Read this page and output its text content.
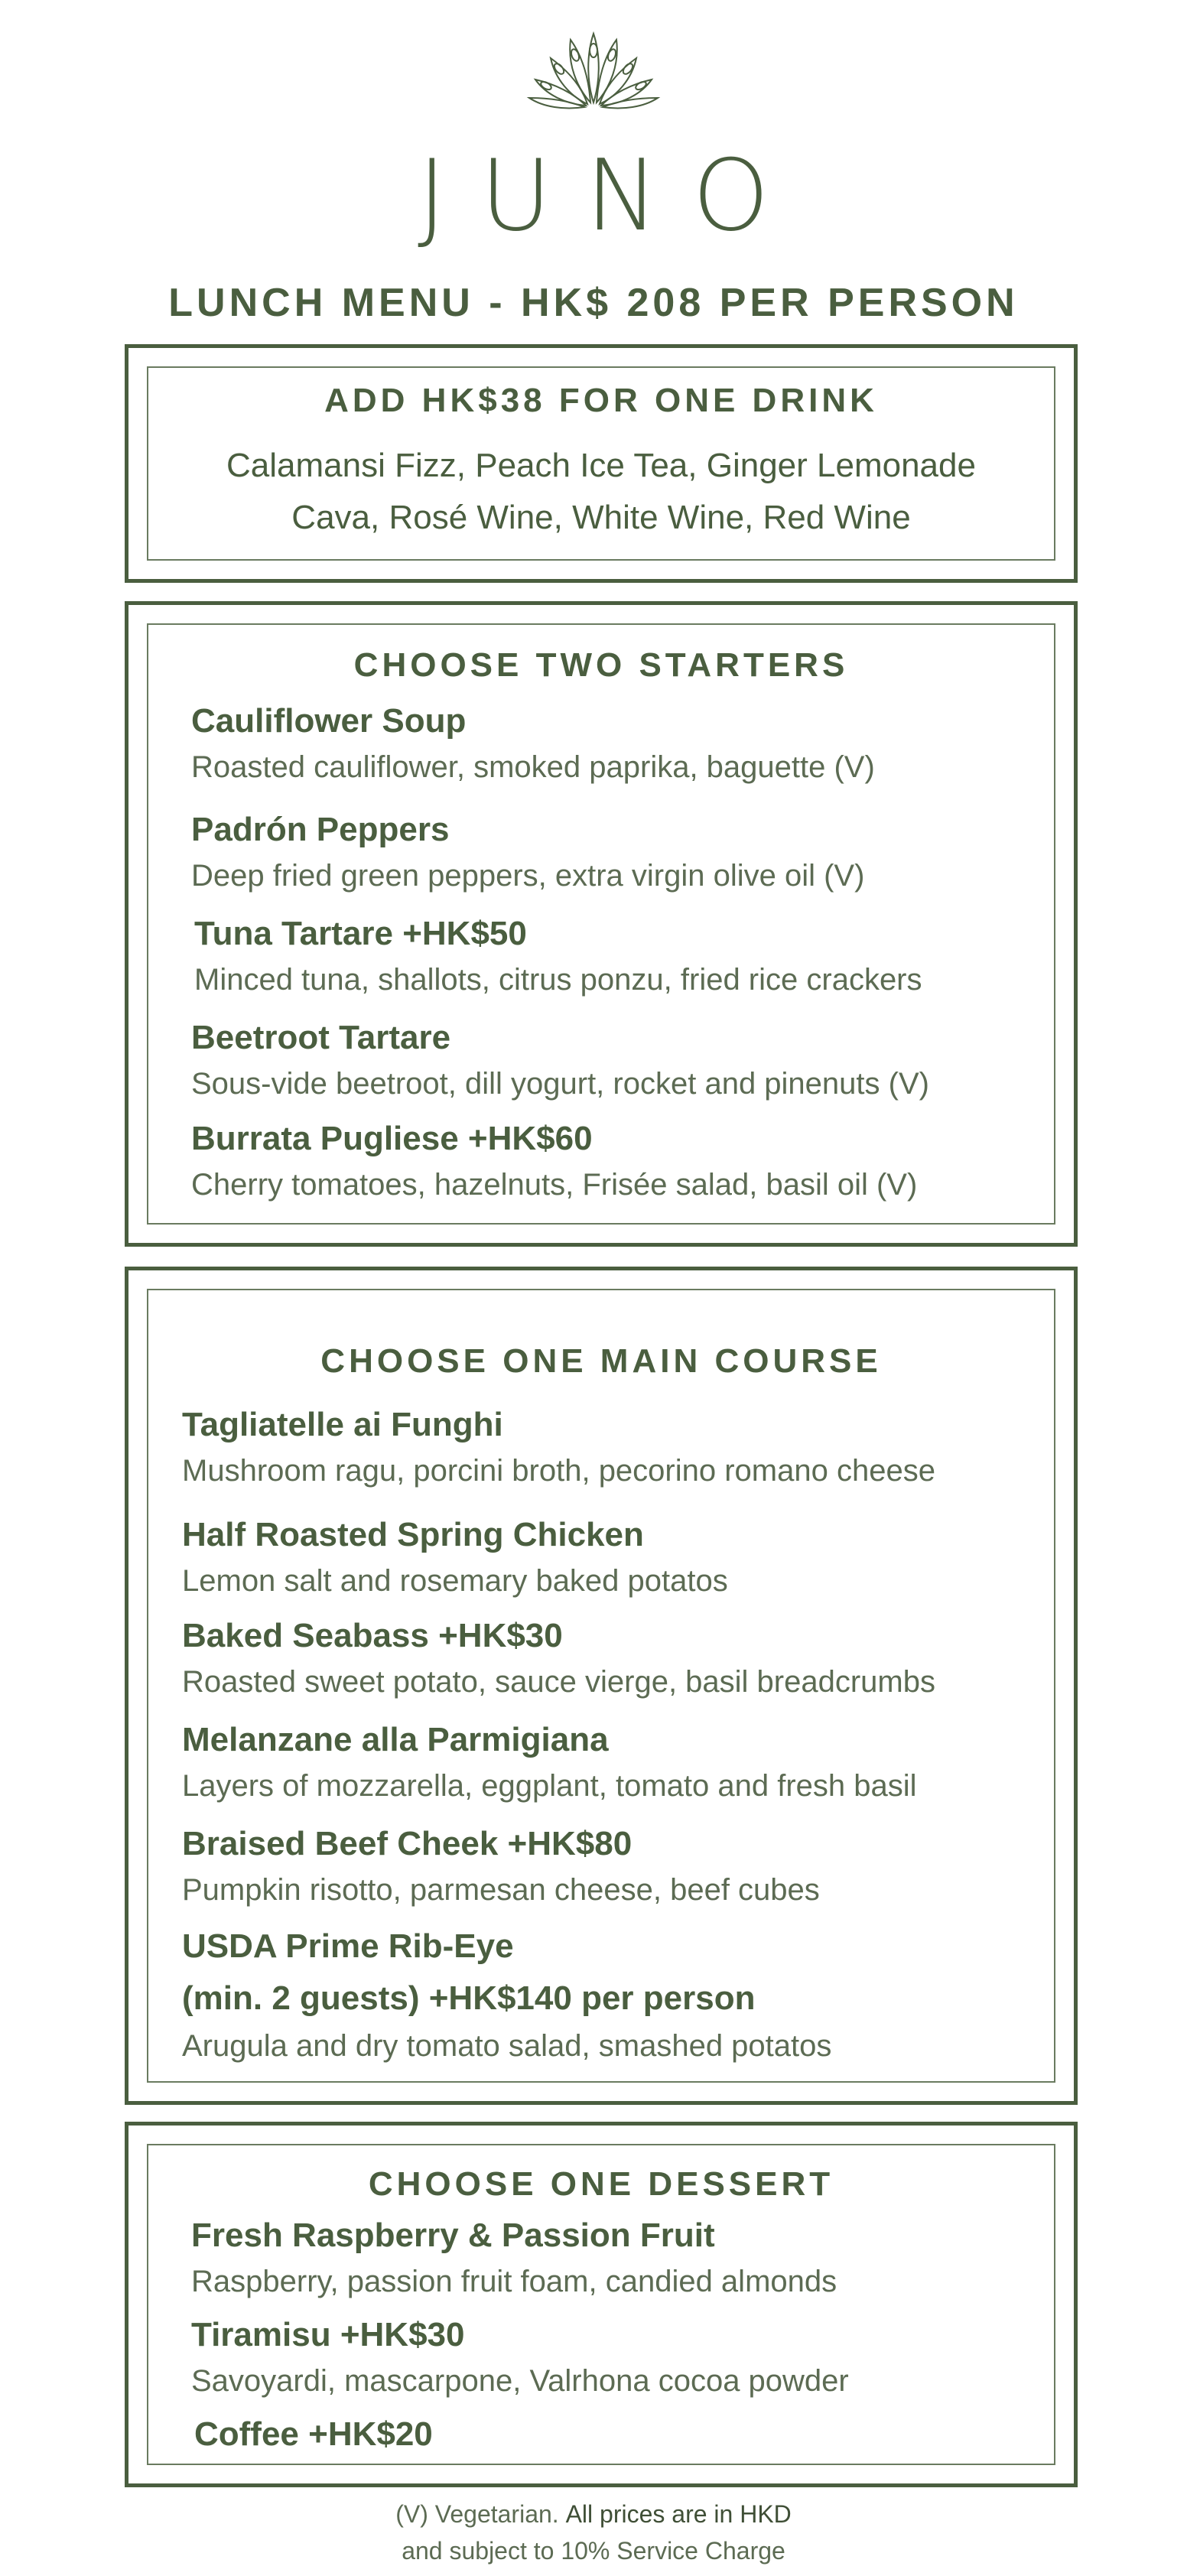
JUNO
LUNCH MENU - HK$ 208 PER PERSON
ADD HK$38 FOR ONE DRINK
Calamansi Fizz, Peach Ice Tea, Ginger Lemonade
Cava, Rosé Wine, White Wine, Red Wine
CHOOSE TWO STARTERS
Cauliflower Soup
Roasted cauliflower, smoked paprika, baguette (V)
Padrón Peppers
Deep fried green peppers, extra virgin olive oil (V)
Tuna Tartare +HK$50
Minced tuna, shallots, citrus ponzu, fried rice crackers
Beetroot Tartare
Sous-vide beetroot, dill yogurt, rocket and pinenuts (V)
Burrata Pugliese +HK$60
Cherry tomatoes, hazelnuts, Frisée salad, basil oil (V)
CHOOSE ONE MAIN COURSE
Tagliatelle ai Funghi
Mushroom ragu, porcini broth, pecorino romano cheese
Half Roasted Spring Chicken
Lemon salt and rosemary baked potatos
Baked Seabass +HK$30
Roasted sweet potato, sauce vierge, basil breadcrumbs
Melanzane alla Parmigiana
Layers of mozzarella, eggplant, tomato and fresh basil
Braised Beef Cheek +HK$80
Pumpkin risotto, parmesan cheese, beef cubes
USDA Prime Rib-Eye
(min. 2 guests) +HK$140 per person
Arugula and dry tomato salad, smashed potatos
CHOOSE ONE DESSERT
Fresh Raspberry & Passion Fruit
Raspberry, passion fruit foam, candied almonds
Tiramisu +HK$30
Savoyardi, mascarpone, Valrhona cocoa powder
Coffee +HK$20
(V) Vegetarian. All prices are in HKD
and subject to 10% Service Charge
